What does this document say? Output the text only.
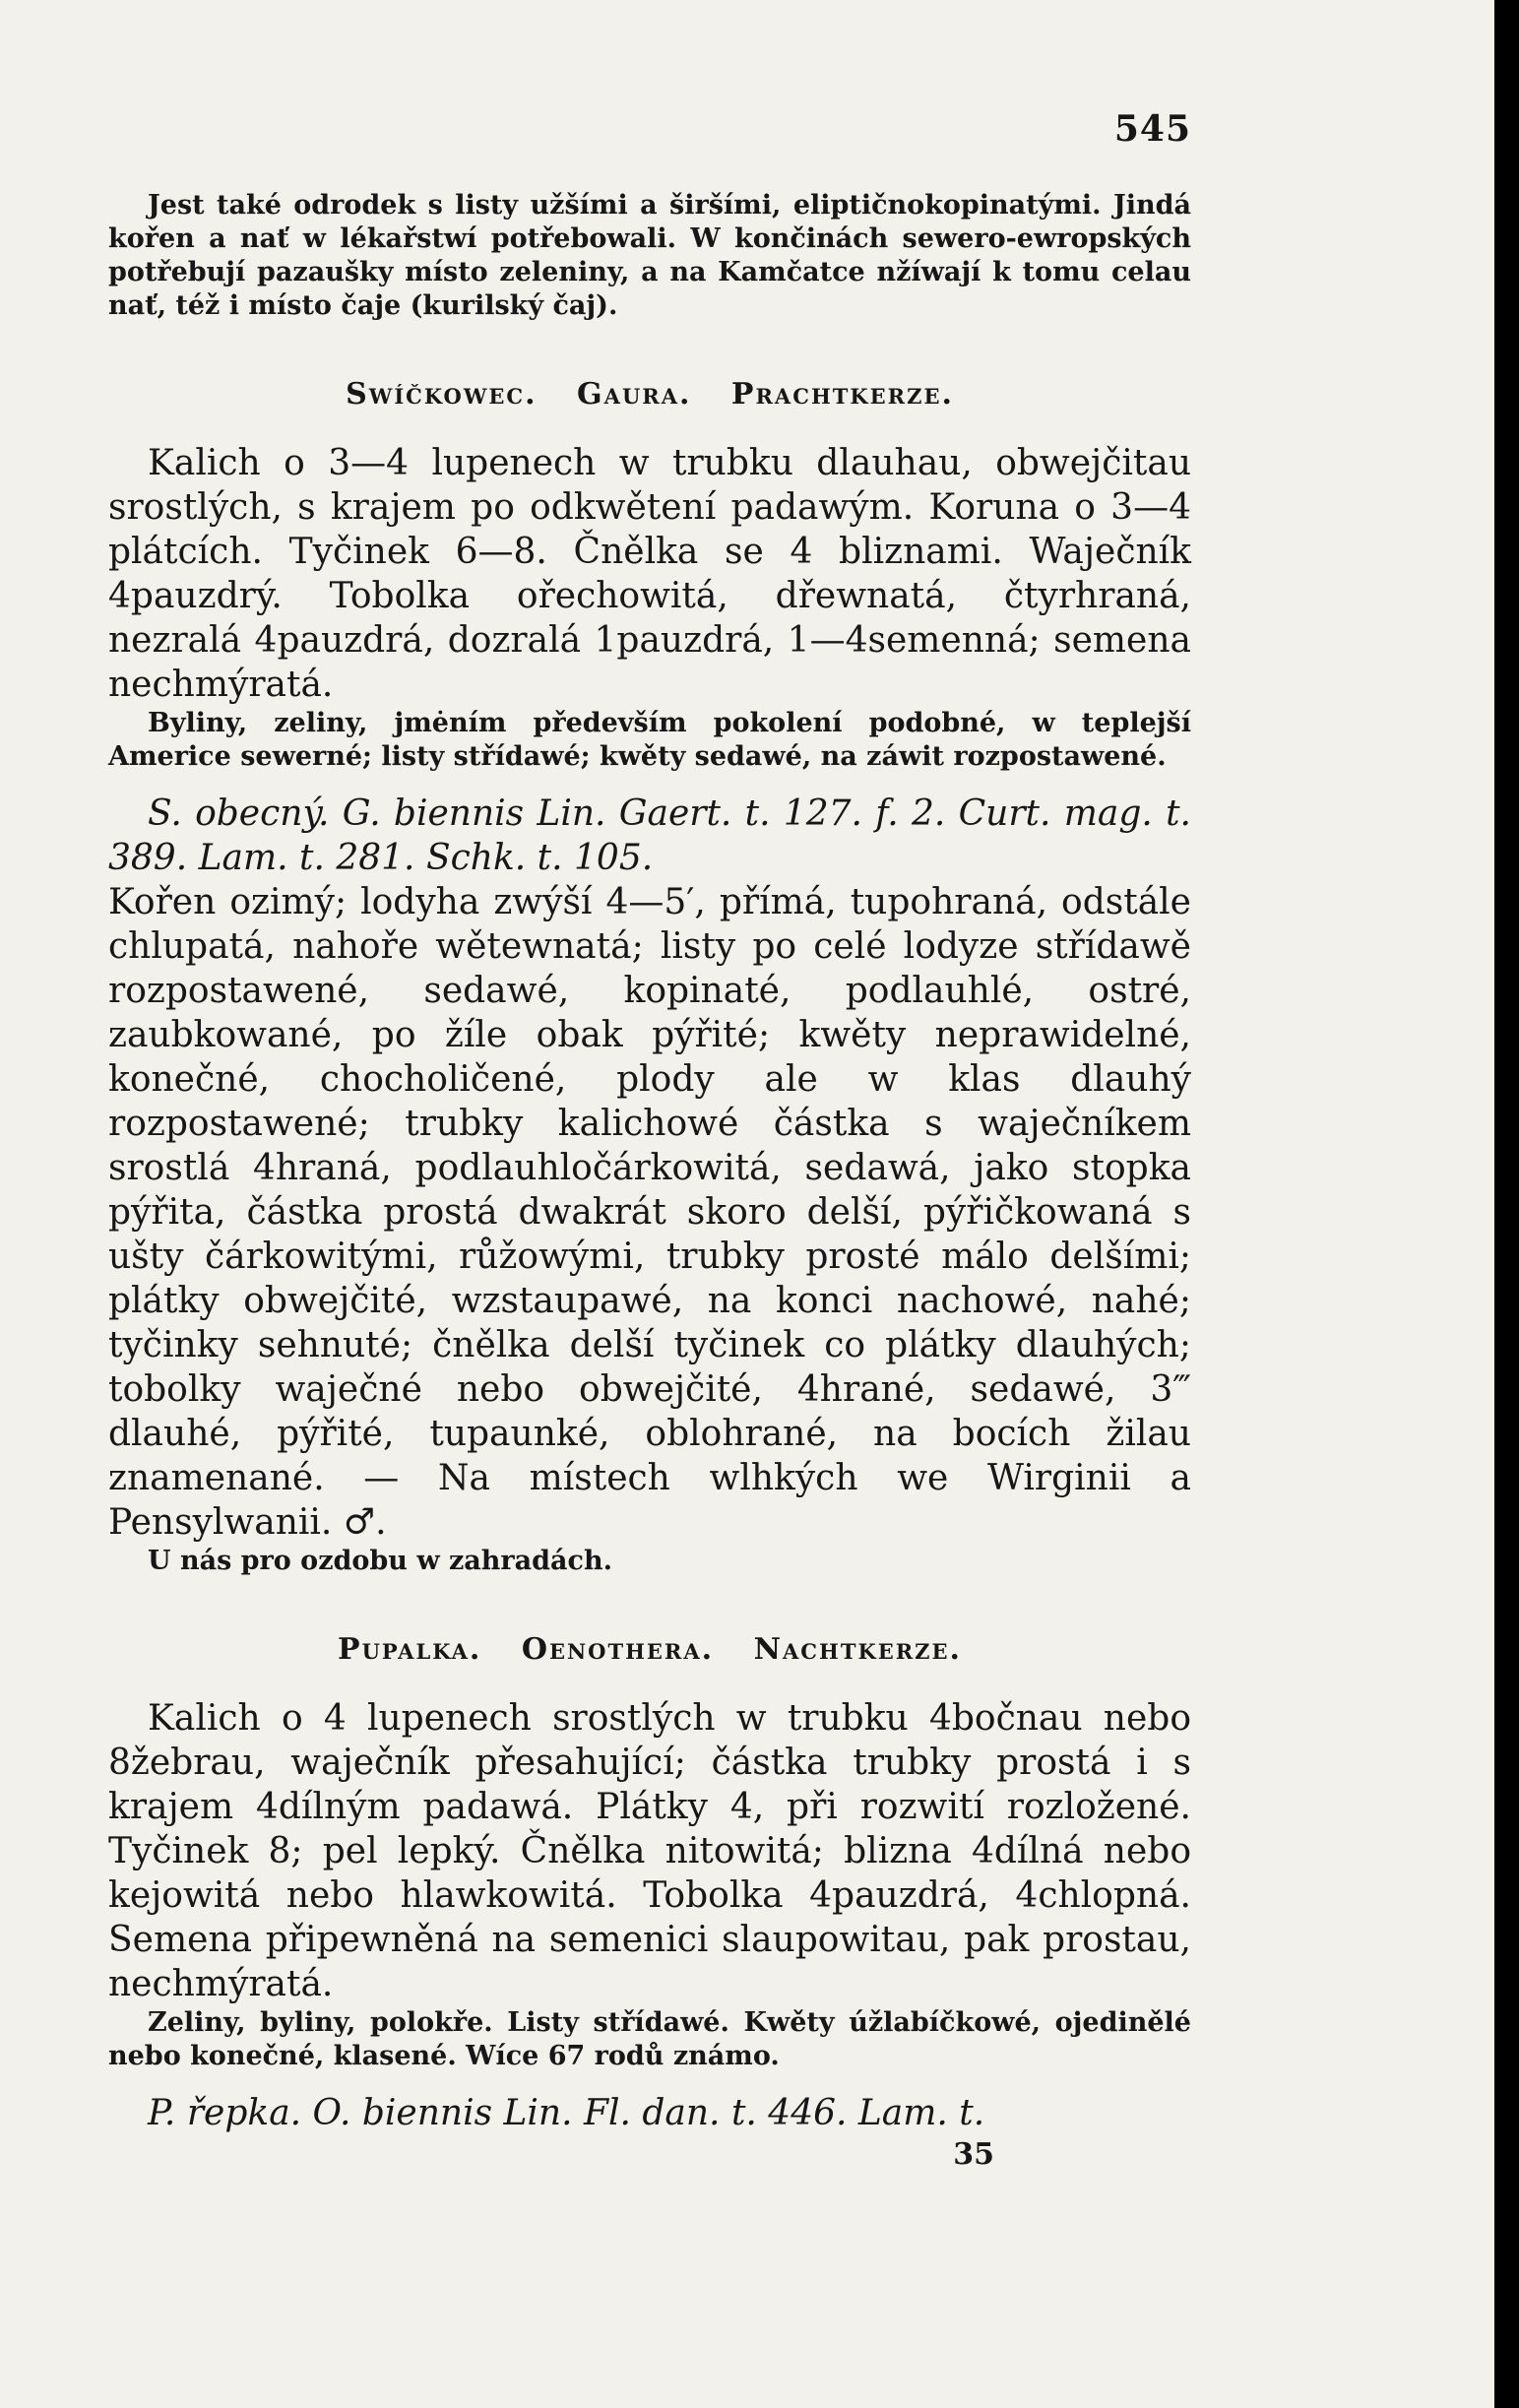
545

Jest také odrodek s listy užšími a širšími, eliptičnokopinatými. Jindá kořen a nať w lékařstwí potřebowali. W končinách sewero-ewropských potřebují pazaušky místo zeleniny, a na Kamčatce nžíwají k tomu celau nať, též i místo čaje (kurilský čaj).

Swíčkowec. Gaura. Prachtkerze.

Kalich o 3—4 lupenech w trubku dlauhau, obwejčitau srostlých, s krajem po odkwětení padawým. Koruna o 3—4 plátcích. Tyčinek 6—8. Čnělka se 4 bliznami. Waječník 4pauzdrý. Tobolka ořechowitá, dřewnatá, čtyrhraná, nezralá 4pauzdrá, dozralá 1pauzdrá, 1—4semenná; semena nechmýratá.

Byliny, zeliny, jmėním především pokolení podobné, w teplejší Americe sewerné; listy střídawé; kwěty sedawé, na záwit rozpostawené.

S. obecný. G. biennis Lin. Gaert. t. 127. f. 2. Curt. mag. t. 389. Lam. t. 281. Schk. t. 105.

Kořen ozimý; lodyha zwýší 4—5′, přímá, tupohraná, odstále chlupatá, nahoře wětewnatá; listy po celé lodyze střídawě rozpostawené, sedawé, kopinaté, podlauhlé, ostré, zaubkowané, po žíle obak pýřité; kwěty neprawidelné, konečné, chocholičené, plody ale w klas dlauhý rozpostawené; trubky kalichowé částka s waječníkem srostlá 4hraná, podlauhločárkowitá, sedawá, jako stopka pýřita, částka prostá dwakrát skoro delší, pýřičkowaná s ušty čárkowitými, růžowými, trubky prosté málo delšími; plátky obwejčité, wzstaupawé, na konci nachowé, nahé; tyčinky sehnuté; čnělka delší tyčinek co plátky dlauhých; tobolky waječné nebo obwejčité, 4hrané, sedawé, 3‴ dlauhé, pýřité, tupaunké, oblohrané, na bocích žilau znamenané. — Na místech wlhkých we Wirginii a Pensylwanii. ♂.

U nás pro ozdobu w zahradách.

Pupalka. Oenothera. Nachtkerze.

Kalich o 4 lupenech srostlých w trubku 4bočnau nebo 8žebrau, waječník přesahující; částka trubky prostá i s krajem 4dílným padawá. Plátky 4, při rozwití rozložené. Tyčinek 8; pel lepký. Čnělka nitowitá; blizna 4dílná nebo kejowitá nebo hlawkowitá. Tobolka 4pauzdrá, 4chlopná. Semena připewněná na semenici slaupowitau, pak prostau, nechmýratá.

Zeliny, byliny, polokře. Listy střídawé. Kwěty úžlabíčkowé, ojedinělé nebo konečné, klasené. Wíce 67 rodů známo.

P. řepka. O. biennis Lin. Fl. dan. t. 446. Lam. t.

35
